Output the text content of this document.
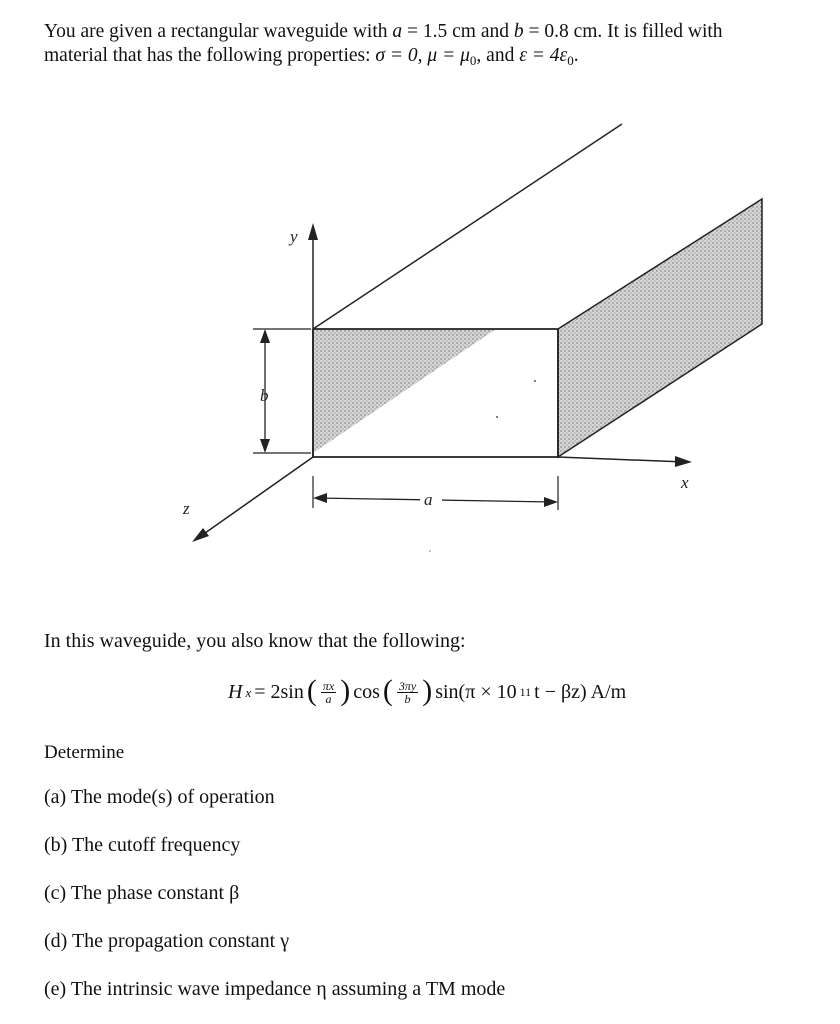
You are given a rectangular waveguide with a = 1.5 cm and b = 0.8 cm. It is filled with
material that has the following properties: σ = 0, $\mu = \mu_0$, and $\varepsilon = 4\varepsilon_0$.
y
b
a
x
z
In this waveguide, you also know that the following:
H x = 2sin ( $\frac{\pi x}{a}$ ) cos ( $\frac{3\pi y}{b}$ ) sin(π × 10 11 t − βz) A/m
Determine
(a) The mode(s) of operation
(b) The cutoff frequency
(c) The phase constant β
(d) The propagation constant γ
(e) The intrinsic wave impedance η assuming a TM mode
